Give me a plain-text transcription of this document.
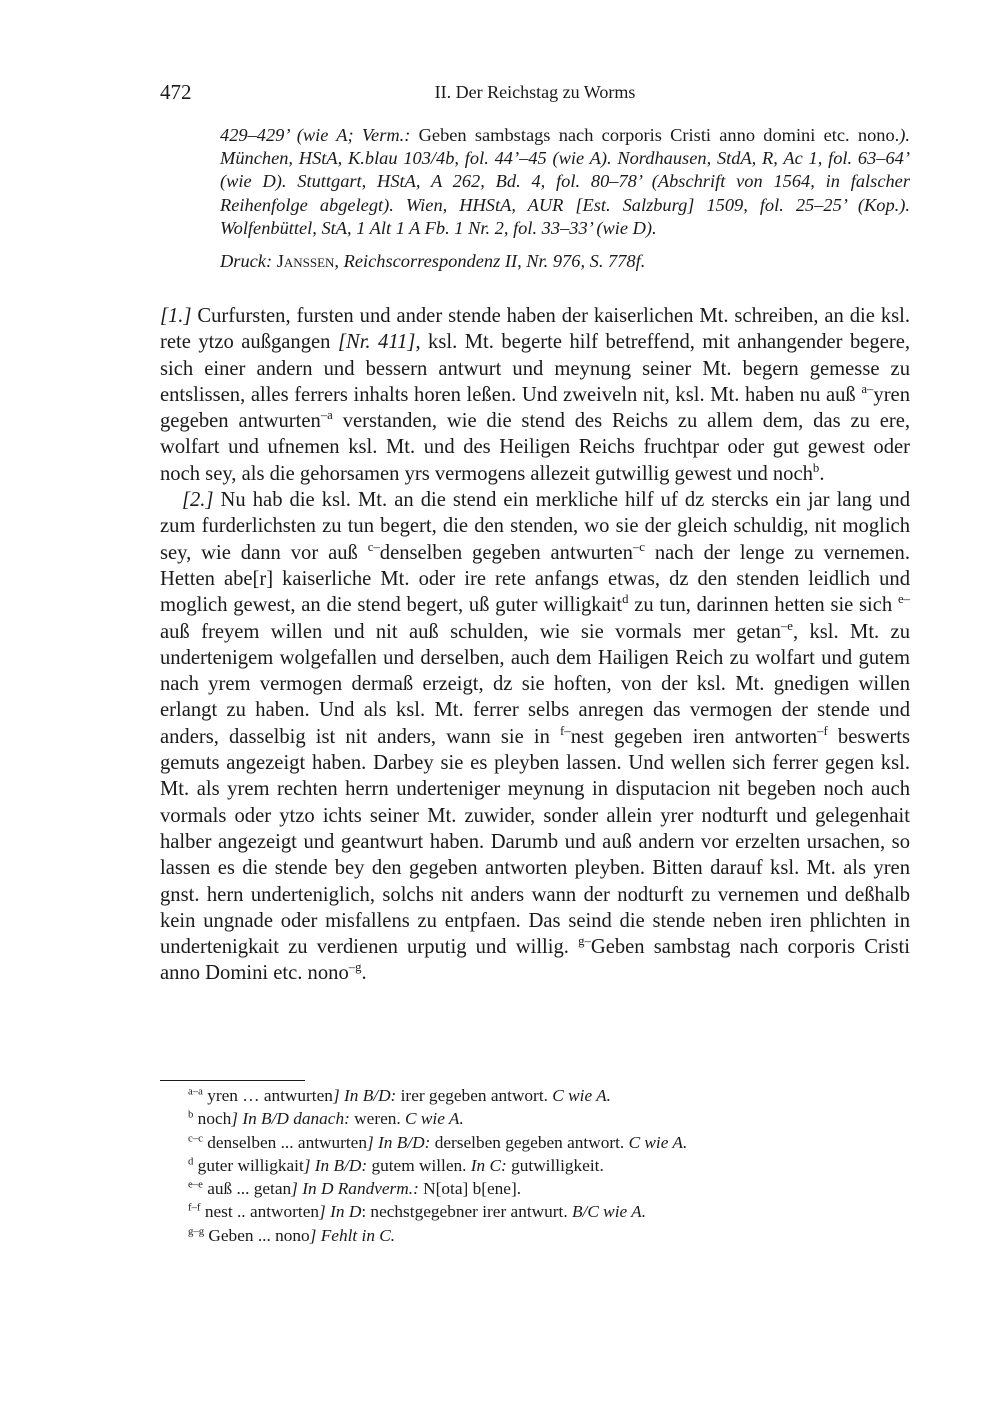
472	II. Der Reichstag zu Worms

429–429’ (wie A; Verm.: Geben sambstags nach corporis Cristi anno domini etc. nono.). München, HStA, K.blau 103/4b, fol. 44’–45 (wie A). Nordhausen, StdA, R, Ac 1, fol. 63–64’ (wie D). Stuttgart, HStA, A 262, Bd. 4, fol. 80–78’ (Abschrift von 1564, in falscher Reihenfolge abgelegt). Wien, HHStA, AUR [Est. Salzburg] 1509, fol. 25–25’ (Kop.). Wolfenbüttel, StA, 1 Alt 1 A Fb. 1 Nr. 2, fol. 33–33’ (wie D).

Druck: Janssen, Reichscorrespondenz II, Nr. 976, S. 778f.

[1.] Curfursten, fursten und ander stende haben der kaiserlichen Mt. schreiben, an die ksl. rete ytzo außgangen [Nr. 411], ksl. Mt. begerte hilf betreffend, mit anhangender begere, sich einer andern und bessern antwurt und meynung seiner Mt. begern gemesse zu entslissen, alles ferrers inhalts horen leßen. Und zweiveln nit, ksl. Mt. haben nu auß $^{a-}$yren gegeben antwurten$^{-a}$ verstanden, wie die stend des Reichs zu allem dem, das zu ere, wolfart und ufnemen ksl. Mt. und des Heiligen Reichs fruchtpar oder gut gewest oder noch sey, als die gehorsamen yrs vermogens allezeit gutwillig gewest und noch$^b$.

[2.] Nu hab die ksl. Mt. an die stend ein merkliche hilf uf dz stercks ein jar lang und zum furderlichsten zu tun begert, die den stenden, wo sie der gleich schuldig, nit moglich sey, wie dann vor auß $^{c-}$denselben gegeben antwurten$^{-c}$ nach der lenge zu vernemen. Hetten abe[r] kaiserliche Mt. oder ire rete anfangs etwas, dz den stenden leidlich und moglich gewest, an die stend begert, uß guter willigkait$^d$ zu tun, darinnen hetten sie sich $^{e-}$auß freyem willen und nit auß schulden, wie sie vormals mer getan$^{-e}$, ksl. Mt. zu undertenigem wolgefallen und derselben, auch dem Hailigen Reich zu wolfart und gutem nach yrem vermogen dermaß erzeigt, dz sie hoften, von der ksl. Mt. gnedigen willen erlangt zu haben. Und als ksl. Mt. ferrer selbs anregen das vermogen der stende und anders, dasselbig ist nit anders, wann sie in $^{f-}$nest gegeben iren antworten$^{-f}$ beswerts gemuts angezeigt haben. Darbey sie es pleyben lassen. Und wellen sich ferrer gegen ksl. Mt. als yrem rechten herrn underteniger meynung in disputacion nit begeben noch auch vormals oder ytzo ichts seiner Mt. zuwider, sonder allein yrer nodturft und gelegenhait halber angezeigt und geantwurt haben. Darumb und auß andern vor erzelten ursachen, so lassen es die stende bey den gegeben antworten pleyben. Bitten darauf ksl. Mt. als yren gnst. hern underteniglich, solchs nit anders wann der nodturft zu vernemen und deßhalb kein ungnade oder misfallens zu entpfaen. Das seind die stende neben iren phlichten in undertenigkait zu verdienen urputig und willig. $^{g-}$Geben sambstag nach corporis Cristi anno Domini etc. nono$^{-g}$.

$^{a-a}$ yren … antwurten] In B/D: irer gegeben antwort. C wie A.
$^b$ noch] In B/D danach: weren. C wie A.
$^{c-c}$ denselben ... antwurten] In B/D: derselben gegeben antwort. C wie A.
$^d$ guter willigkait] In B/D: gutem willen. In C: gutwilligkeit.
$^{e-e}$ auß ... getan] In D Randverm.: N[ota] b[ene].
$^{f-f}$ nest .. antworten] In D: nechstgegebner irer antwurt. B/C wie A.
$^{g-g}$ Geben ... nono] Fehlt in C.
